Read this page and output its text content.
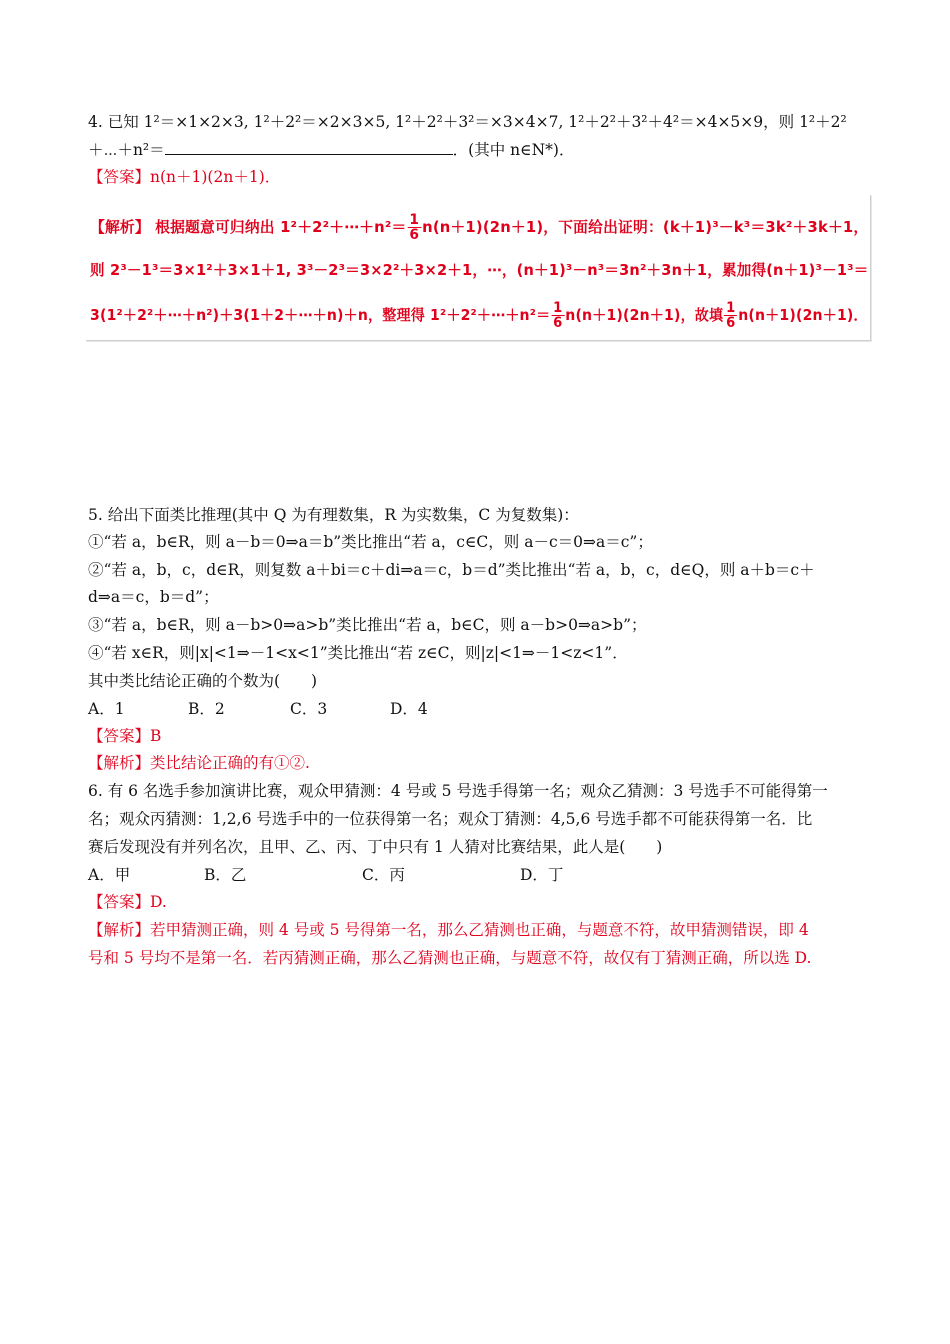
4. 已知 1²＝×1×2×3, 1²＋2²＝×2×3×5, 1²＋2²＋3²＝×3×4×7, 1²＋2²＋3²＋4²＝×4×5×9，则 1²＋2²
＋⋯＋n²＝	．(其中 n∈N*)．
【答案】n(n＋1)(2n＋1)．
【解析】 根据题意可归纳出 1²＋2²＋⋯＋n²＝ $\frac{1}{6} n(n+1)(2n+1)$，下面给出证明：(k＋1)³－k³＝3k²＋3k＋1，
则 2³－1³＝3×1²＋3×1＋1, 3³－2³＝3×2²＋3×2＋1，⋯，(n＋1)³－n³＝3n²＋3n＋1，累加得(n＋1)³－1³＝
3(1²＋2²＋⋯＋n²)＋3(1＋2＋⋯＋n)＋n，整理得 1²＋2²＋⋯＋n²＝ $\frac{1}{6} n(n+1)(2n+1)$，故填 $\frac{1}{6} n(n+1)(2n+1)$．
5. 给出下面类比推理(其中 Q 为有理数集，R 为实数集，C 为复数集)：
①“若 a，b∈R，则 a－b＝0⇒a＝b”类比推出“若 a，c∈C，则 a－c＝0⇒a＝c”；
②“若 a，b，c，d∈R，则复数 a＋bi＝c＋di⇒a＝c，b＝d”类比推出“若 a，b，c，d∈Q，则 a＋b＝c＋
d⇒a＝c，b＝d”；
③“若 a，b∈R，则 a－b>0⇒a>b”类比推出“若 a，b∈C，则 a－b>0⇒a>b”；
④“若 x∈R，则|x|<1⇒－1<x<1”类比推出“若 z∈C，则|z|<1⇒－1<z<1”．
其中类比结论正确的个数为(　　)
A．1	B．2	C．3	D．4
【答案】B
【解析】类比结论正确的有①②.
6. 有 6 名选手参加演讲比赛，观众甲猜测：4 号或 5 号选手得第一名；观众乙猜测：3 号选手不可能得第一
名；观众丙猜测：1,2,6 号选手中的一位获得第一名；观众丁猜测：4,5,6 号选手都不可能获得第一名．比
赛后发现没有并列名次，且甲、乙、丙、丁中只有 1 人猜对比赛结果，此人是(　　)
A．甲	B．乙	C．丙	D．丁
【答案】D.
【解析】若甲猜测正确，则 4 号或 5 号得第一名，那么乙猜测也正确，与题意不符，故甲猜测错误，即 4
号和 5 号均不是第一名．若丙猜测正确，那么乙猜测也正确，与题意不符，故仅有丁猜测正确，所以选 D.
